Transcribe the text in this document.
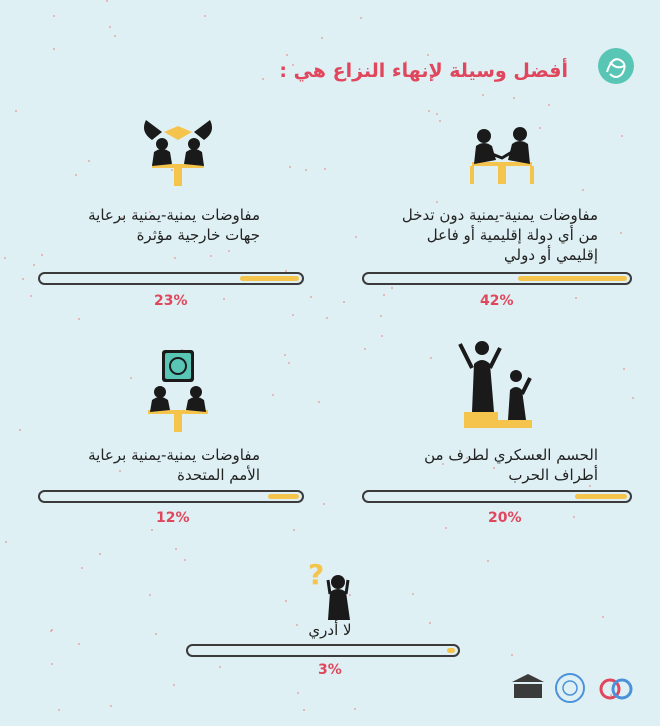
أفضل وسيلة لإنهاء النزاع هي :
مفاوضات يمنية-يمنية دون تدخل
من أي دولة إقليمية أو فاعل
إقليمي أو دولي
42%
مفاوضات يمنية-يمنية برعاية
جهات خارجية مؤثرة
23%
الحسم العسكري لطرف من
أطراف الحرب
20%
مفاوضات يمنية-يمنية برعاية
الأمم المتحدة
12%
?
لا أدري
3%
